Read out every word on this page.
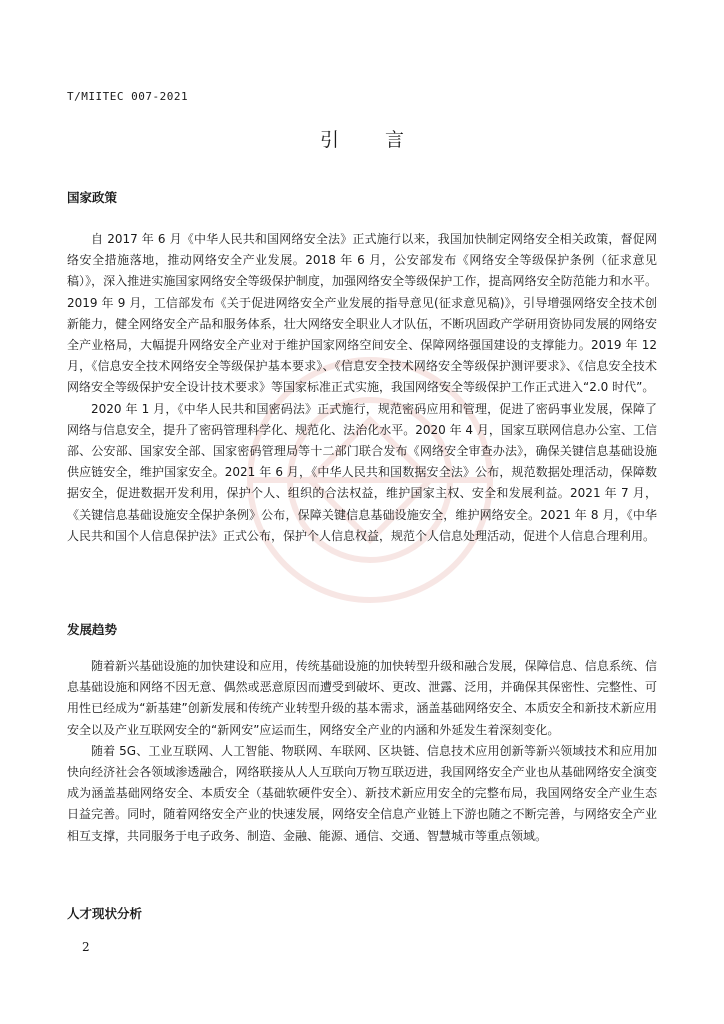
T/MIITEC 007-2021
引 言
国家政策

自 2017 年 6 月《中华人民共和国网络安全法》正式施行以来，我国加快制定网络安全相关政策，督促网络安全措施落地，推动网络安全产业发展。2018 年 6 月，公安部发布《网络安全等级保护条例（征求意见稿）》，深入推进实施国家网络安全等级保护制度，加强网络安全等级保护工作，提高网络安全防范能力和水平。2019 年 9 月，工信部发布《关于促进网络安全产业发展的指导意见(征求意见稿)》，引导增强网络安全技术创新能力，健全网络安全产品和服务体系，壮大网络安全职业人才队伍，不断巩固政产学研用资协同发展的网络安全产业格局，大幅提升网络安全产业对于维护国家网络空间安全、保障网络强国建设的支撑能力。2019 年 12 月，《信息安全技术网络安全等级保护基本要求》、《信息安全技术网络安全等级保护测评要求》、《信息安全技术网络安全等级保护安全设计技术要求》等国家标准正式实施，我国网络安全等级保护工作正式进入“2.0 时代”。

2020 年 1 月，《中华人民共和国密码法》正式施行，规范密码应用和管理，促进了密码事业发展，保障了网络与信息安全，提升了密码管理科学化、规范化、法治化水平。2020 年 4 月，国家互联网信息办公室、工信部、公安部、国家安全部、国家密码管理局等十二部门联合发布《网络安全审查办法》，确保关键信息基础设施供应链安全，维护国家安全。2021 年 6 月，《中华人民共和国数据安全法》公布，规范数据处理活动，保障数据安全，促进数据开发利用，保护个人、组织的合法权益，维护国家主权、安全和发展利益。2021 年 7 月，《关键信息基础设施安全保护条例》公布，保障关键信息基础设施安全，维护网络安全。2021 年 8 月，《中华人民共和国个人信息保护法》正式公布，保护个人信息权益，规范个人信息处理活动，促进个人信息合理利用。

发展趋势

随着新兴基础设施的加快建设和应用，传统基础设施的加快转型升级和融合发展，保障信息、信息系统、信息基础设施和网络不因无意、偶然或恶意原因而遭受到破坏、更改、泄露、泛用，并确保其保密性、完整性、可用性已经成为“新基建”创新发展和传统产业转型升级的基本需求，涵盖基础网络安全、本质安全和新技术新应用安全以及产业互联网安全的“新网安”应运而生，网络安全产业的内涵和外延发生着深刻变化。

随着 5G、工业互联网、人工智能、物联网、车联网、区块链、信息技术应用创新等新兴领域技术和应用加快向经济社会各领域渗透融合，网络联接从人人互联向万物互联迈进，我国网络安全产业也从基础网络安全演变成为涵盖基础网络安全、本质安全（基础软硬件安全）、新技术新应用安全的完整布局，我国网络安全产业生态日益完善。同时，随着网络安全产业的快速发展，网络安全信息产业链上下游也随之不断完善，与网络安全产业相互支撑，共同服务于电子政务、制造、金融、能源、通信、交通、智慧城市等重点领域。

人才现状分析
2
